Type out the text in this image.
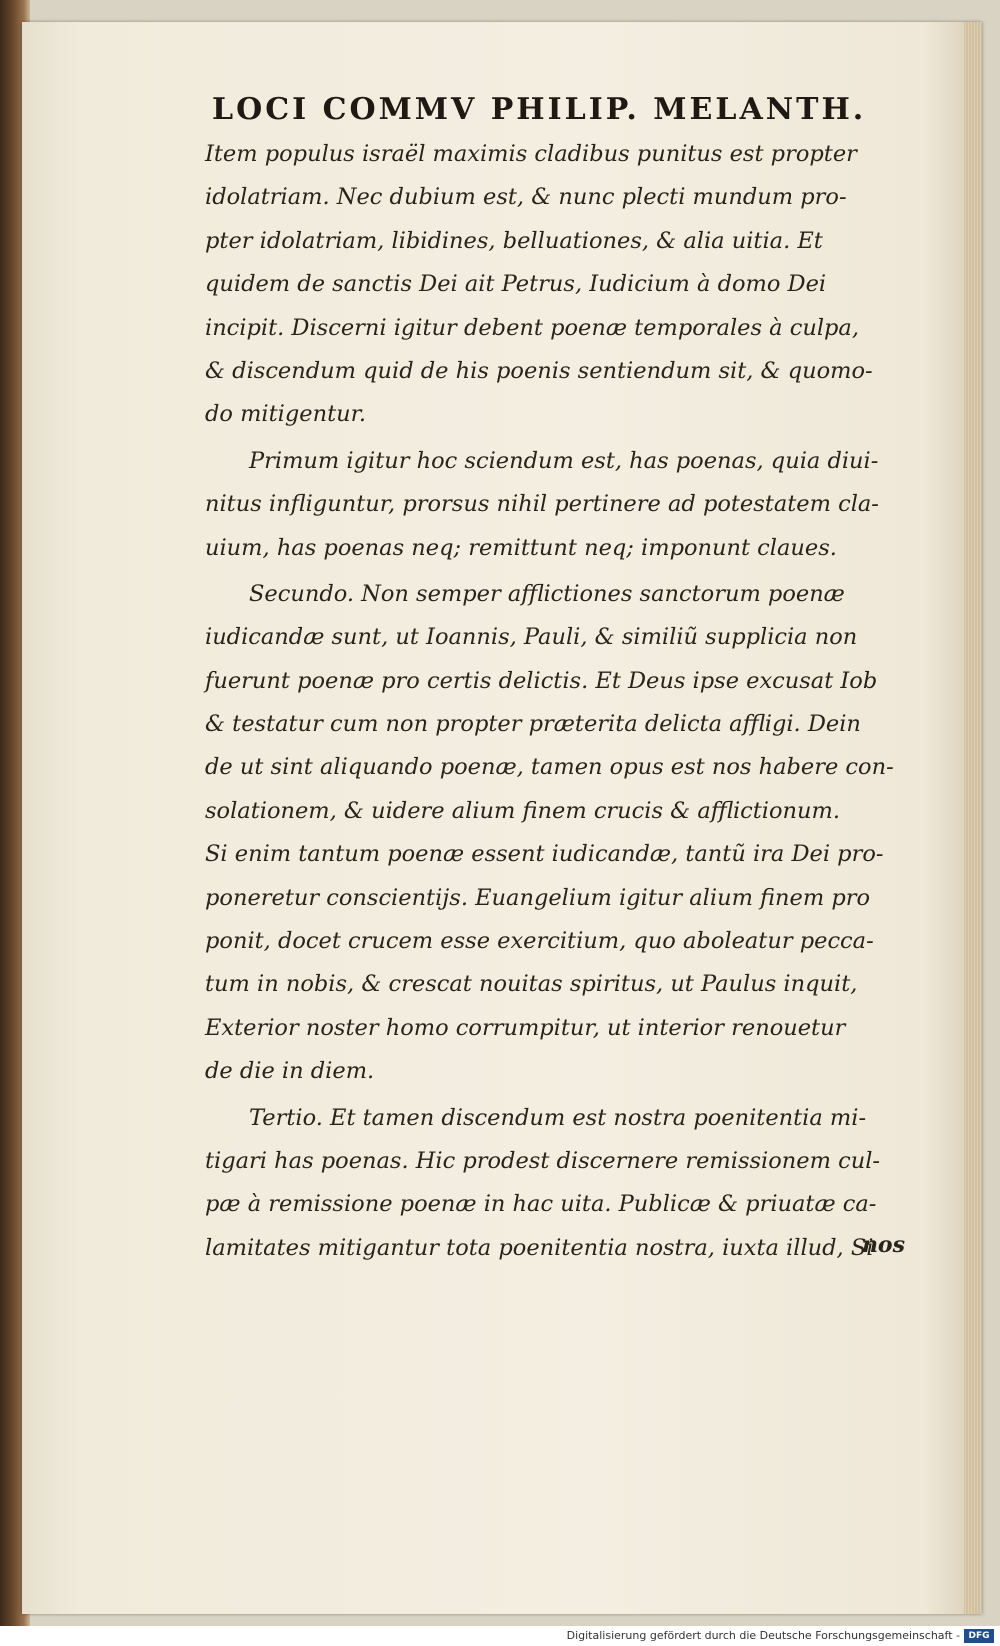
LOCI COMMV PHILIP. MELANTH.
Item populus israël maximis cladibus punitus est propter
idolatriam. Nec dubium est, & nunc plecti mundum pro-
pter idolatriam, libidines, belluationes, & alia uitia. Et
quidem de sanctis Dei ait Petrus, Iudicium à domo Dei
incipit. Discerni igitur debent poenæ temporales à culpa,
& discendum quid de his poenis sentiendum sit, & quomo-
do mitigentur.
Primum igitur hoc sciendum est, has poenas, quia diui-
nitus infliguntur, prorsus nihil pertinere ad potestatem cla-
uium, has poenas neq; remittunt neq; imponunt claues.
Secundo. Non semper afflictiones sanctorum poenæ
iudicandæ sunt, ut Ioannis, Pauli, & similiũ supplicia non
fuerunt poenæ pro certis delictis. Et Deus ipse excusat Iob
& testatur cum non propter præterita delicta affligi. Dein
de ut sint aliquando poenæ, tamen opus est nos habere con-
solationem, & uidere alium finem crucis & afflictionum.
Si enim tantum poenæ essent iudicandæ, tantũ ira Dei pro-
poneretur conscientijs. Euangelium igitur alium finem pro
ponit, docet crucem esse exercitium, quo aboleatur pecca-
tum in nobis, & crescat nouitas spiritus, ut Paulus inquit,
Exterior noster homo corrumpitur, ut interior renouetur
de die in diem.
Tertio. Et tamen discendum est nostra poenitentia mi-
tigari has poenas. Hic prodest discernere remissionem cul-
pæ à remissione poenæ in hac uita. Publicæ & priuatæ ca-
lamitates mitigantur tota poenitentia nostra, iuxta illud, Si
nos
Digitalisierung gefördert durch die Deutsche Forschungsgemeinschaft - DFG
